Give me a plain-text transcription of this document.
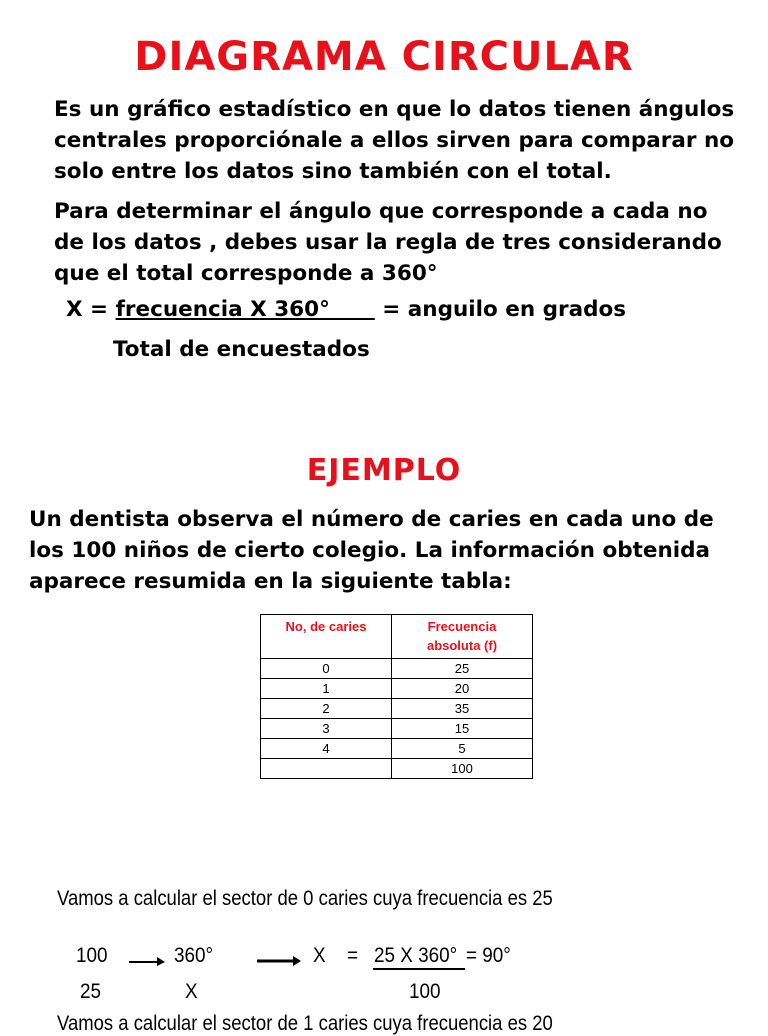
DIAGRAMA CIRCULAR
Es un gráfico estadístico en que lo datos tienen ángulos
centrales proporciónale a ellos sirven para comparar no
solo entre los datos sino también con el total.
Para determinar el ángulo que corresponde a cada no
de los datos , debes usar la regla de tres considerando
que el total corresponde a 360°
X = frecuencia X 360°       = anguilo en grados
Total de encuestados
EJEMPLO
Un dentista observa el número de caries en cada uno de
los 100 niños de cierto colegio. La información obtenida
aparece resumida en la siguiente tabla:
No, de caries	Frecuencia
absoluta (f)

0	25
1	20
2	35
3	15
4	5
	100
Vamos a calcular el sector de 0 caries cuya frecuencia es 25
100
25
360°
X
X = 25 X 360° = 90°
100
Vamos a calcular el sector de 1 caries cuya frecuencia es 20
